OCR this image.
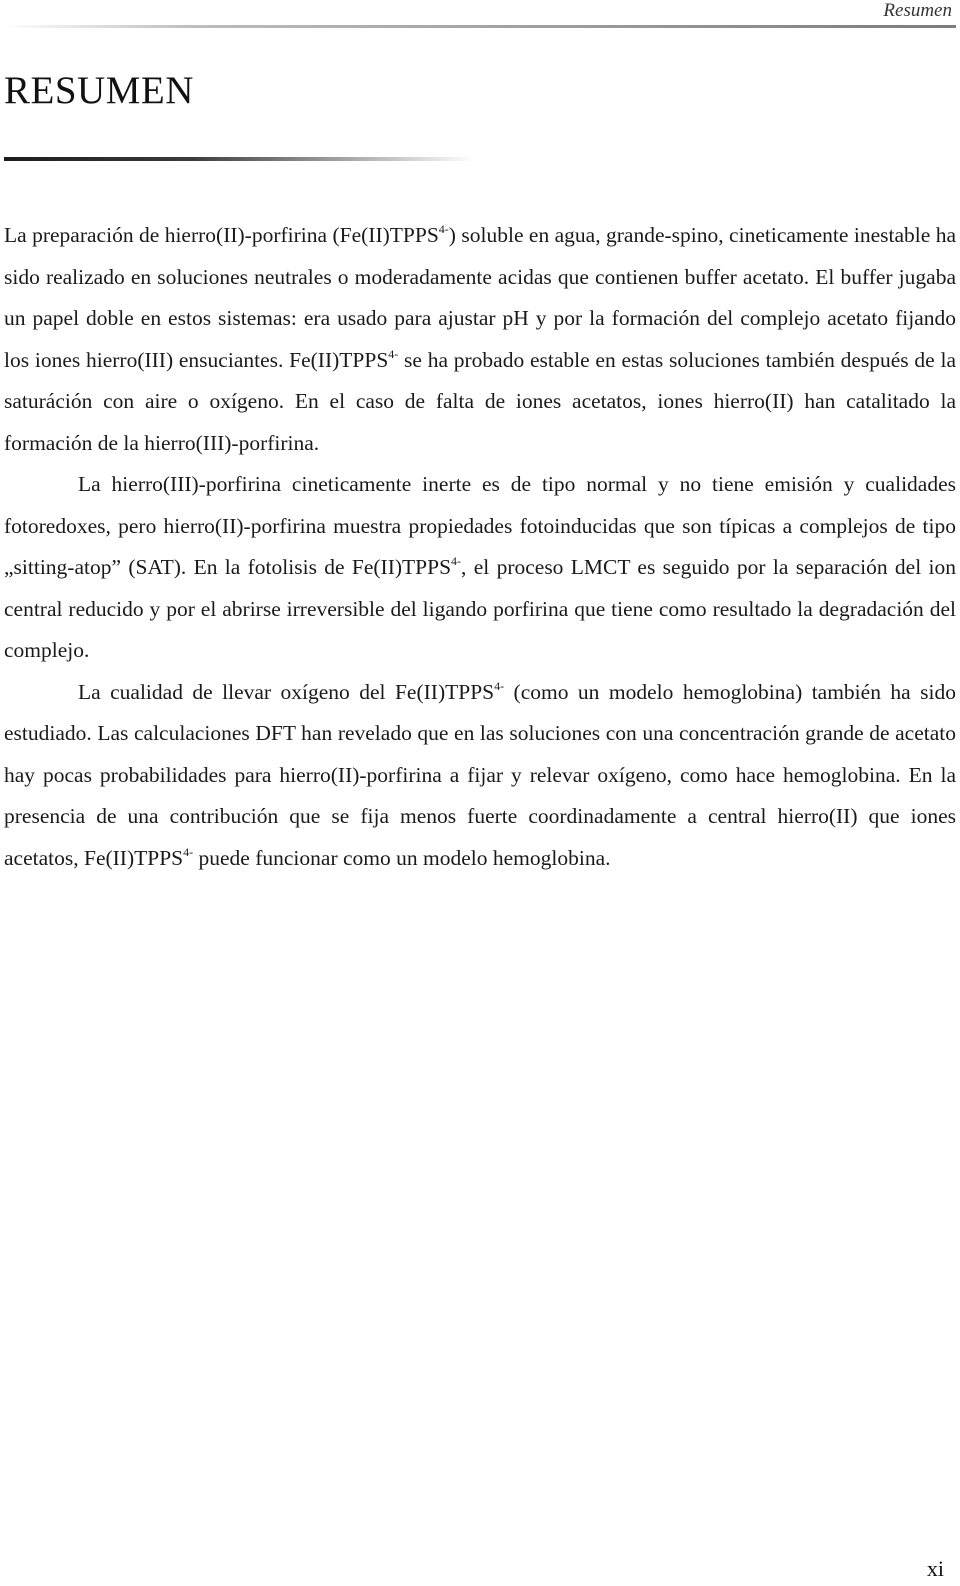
Resumen
RESUMEN

La preparación de hierro(II)-porfirina $(Fe(II)TPPS^{4-})$ soluble en agua, grande-spino, cineticamente inestable ha sido realizado en soluciones neutrales o moderadamente acidas que contienen buffer acetato. El buffer jugaba un papel doble en estos sistemas: era usado para ajustar pH y por la formación del complejo acetato fijando los iones hierro(III) ensuciantes. $Fe(II)TPPS^{4-}$ se ha probado estable en estas soluciones también después de la saturáción con aire o oxígeno. En el caso de falta de iones acetatos, iones hierro(II) han catalitado la formación de la hierro(III)-porfirina.

La hierro(III)-porfirina cineticamente inerte es de tipo normal y no tiene emisión y cualidades fotoredoxes, pero hierro(II)-porfirina muestra propiedades fotoinducidas que son típicas a complejos de tipo „sitting-atop” (SAT). En la fotolisis de $Fe(II)TPPS^{4-}$, el proceso LMCT es seguido por la separación del ion central reducido y por el abrirse irreversible del ligando porfirina que tiene como resultado la degradación del complejo.

La cualidad de llevar oxígeno del $Fe(II)TPPS^{4-}$ (como un modelo hemoglobina) también ha sido estudiado. Las calculaciones DFT han revelado que en las soluciones con una concentración grande de acetato hay pocas probabilidades para hierro(II)-porfirina a fijar y relevar oxígeno, como hace hemoglobina. En la presencia de una contribución que se fija menos fuerte coordinadamente a central hierro(II) que iones acetatos, $Fe(II)TPPS^{4-}$ puede funcionar como un modelo hemoglobina.

xi
